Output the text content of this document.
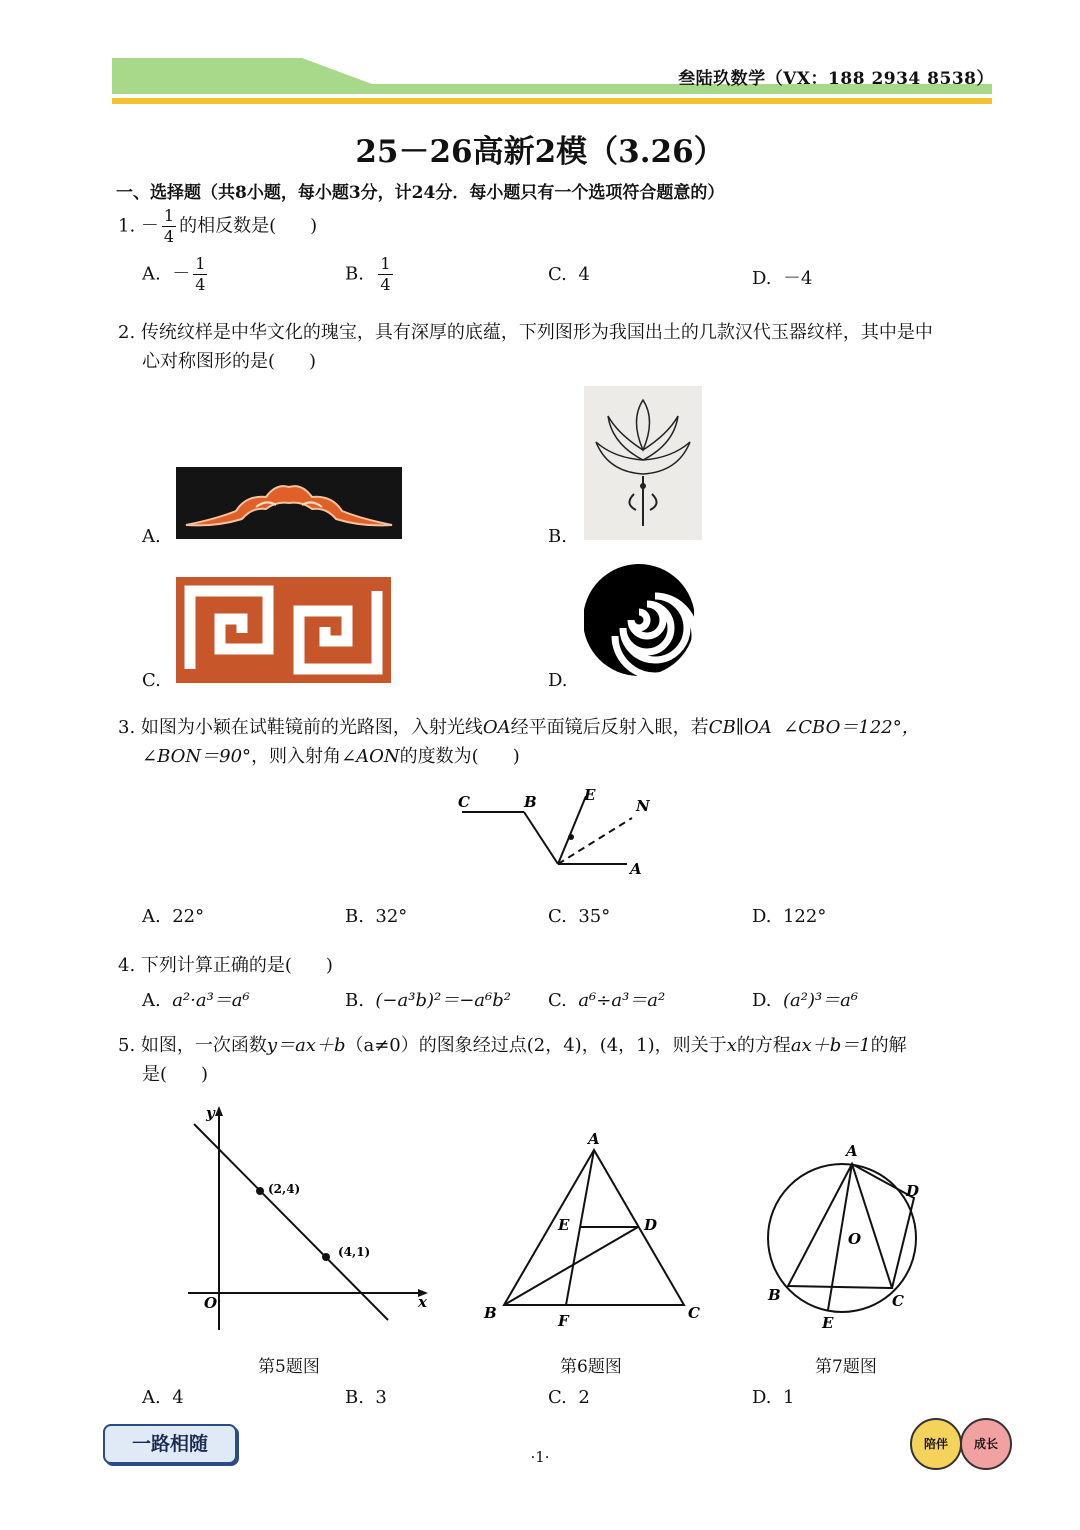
叁陆玖数学（VX：188 2934 8538）
25－26高新2模（3.26）
一、选择题（共8小题，每小题3分，计24分．每小题只有一个选项符合题意的）
1. － $\frac{1}{4}$ 的相反数是( )
A. － $\frac{1}{4}$	B. $\frac{1}{4}$	C. 4	D. －4
2. 传统纹样是中华文化的瑰宝，具有深厚的底蕴，下列图形为我国出土的几款汉代玉器纹样，其中是中
心对称图形的是( )
A.	B.
C.	D.
3. 如图为小颖在试鞋镜前的光路图，入射光线OA经平面镜后反射入眼，若CB∥OA ∠CBO＝122°，
∠BON＝90°，则入射角∠AON的度数为( )
C	B	E
N
A
A. 22°	B. 32°	C. 35°	D. 122°
4. 下列计算正确的是( )
A. a²·a³＝a⁶	B. (−a³b)²＝−a⁶b² C. a⁶÷a³＝a²	D. (a²)³＝a⁶
5. 如图，一次函数y＝ax＋b（a≠0）的图象经过点(2，4)，(4，1)，则关于x的方程ax＋b＝1的解
是( )
y
x
O
(2,4)
(4,1)
第5题图
A
E	D
B	F	C
第6题图
A
D
O
B	C
E
第7题图
A. 4	B. 3	C. 2	D. 1
一路相随
·1·
陪伴	成长
